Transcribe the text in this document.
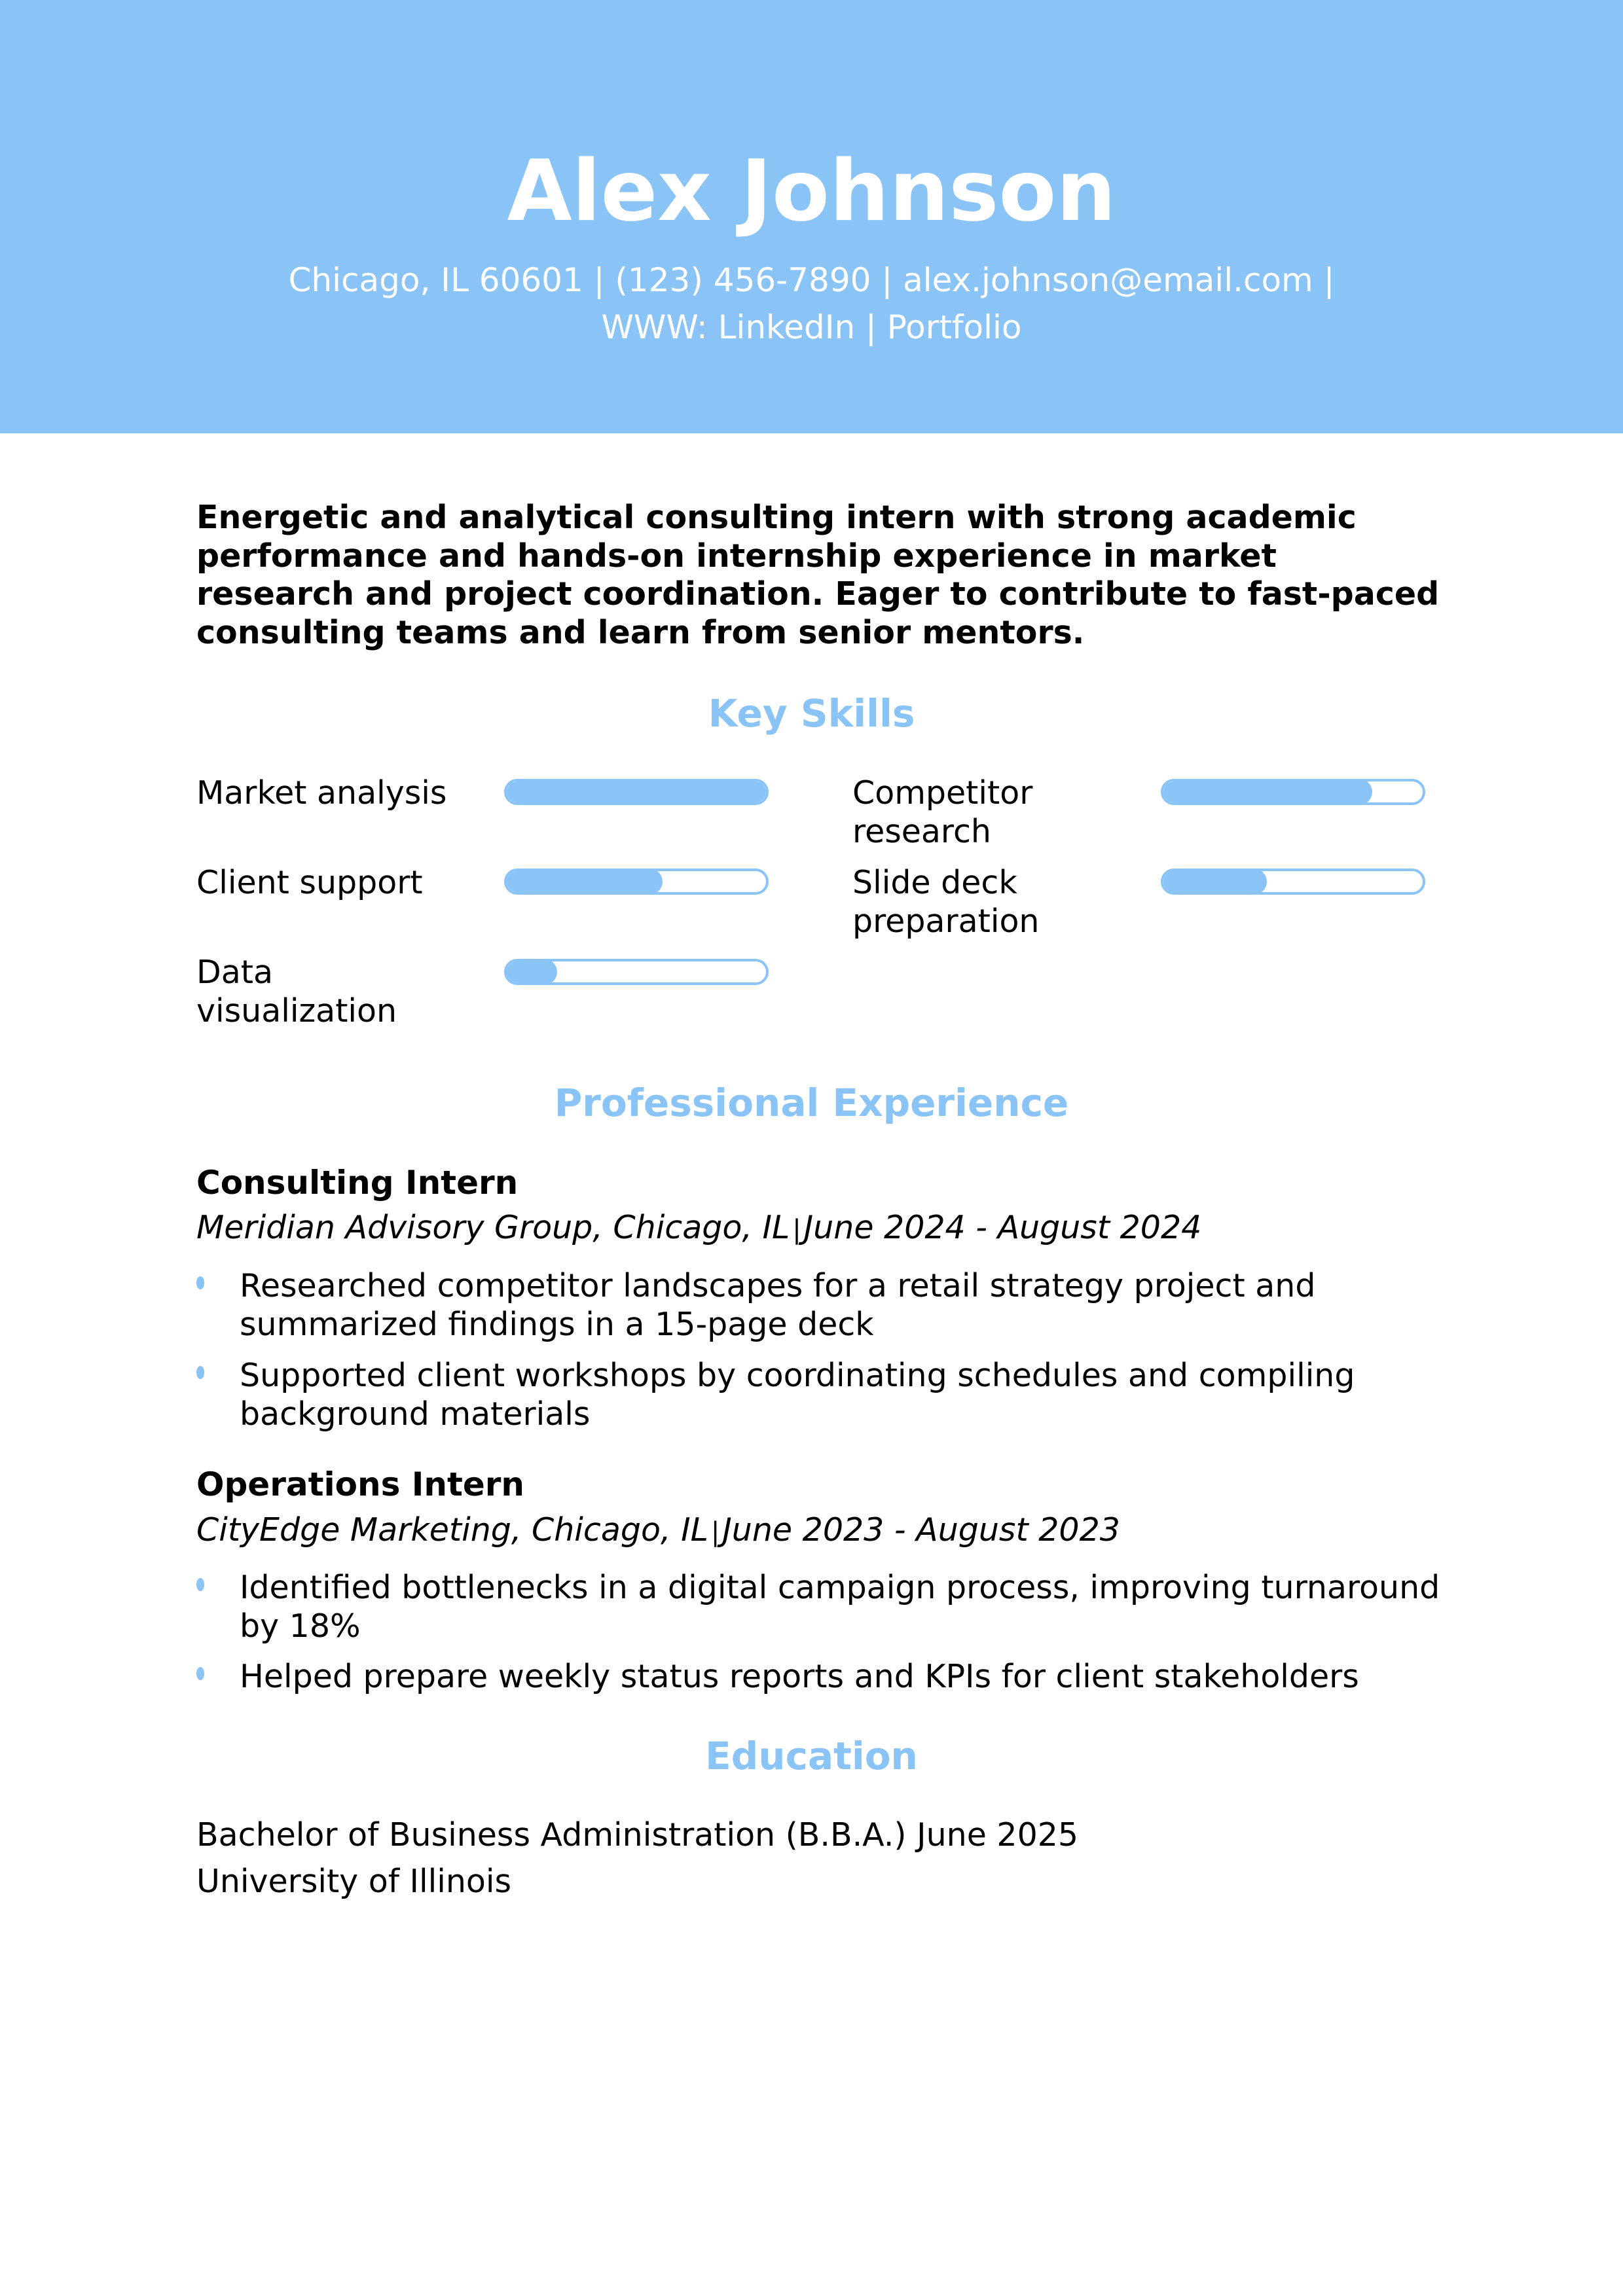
Alex Johnson
Chicago, IL 60601 | (123) 456-7890 | alex.johnson@email.com |
WWW: LinkedIn | Portfolio
Energetic and analytical consulting intern with strong academic performance and hands-on internship experience in market research and project coordination. Eager to contribute to fast-paced consulting teams and learn from senior mentors.
Key Skills
Market analysis	Competitor research
Client support	Slide deck preparation
Data visualization
Professional Experience
Consulting Intern
Meridian Advisory Group, Chicago, IL |June 2024 - August 2024
Researched competitor landscapes for a retail strategy project and summarized findings in a 15-page deck
Supported client workshops by coordinating schedules and compiling background materials
Operations Intern
CityEdge Marketing, Chicago, IL |June 2023 - August 2023
Identified bottlenecks in a digital campaign process, improving turnaround by 18%
Helped prepare weekly status reports and KPIs for client stakeholders
Education
Bachelor of Business Administration (B.B.A.) June 2025
University of Illinois
